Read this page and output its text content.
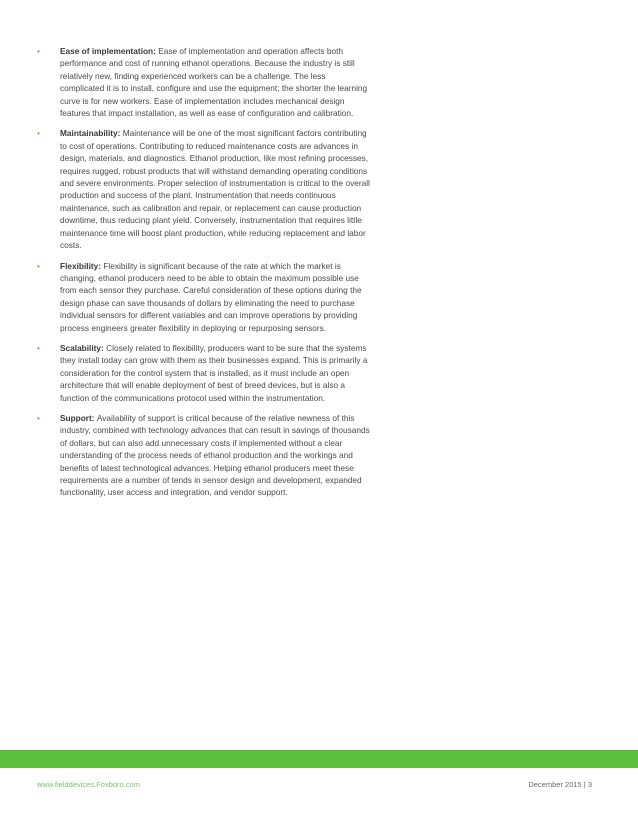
• Ease of implementation: Ease of implementation and operation affects both performance and cost of running ethanol operations. Because the industry is still relatively new, finding experienced workers can be a challenge. The less complicated it is to install, configure and use the equipment; the shorter the learning curve is for new workers. Ease of implementation includes mechanical design features that impact installation, as well as ease of configuration and calibration.
• Maintainability: Maintenance will be one of the most significant factors contributing to cost of operations. Contributing to reduced maintenance costs are advances in design, materials, and diagnostics. Ethanol production, like most refining processes, requires rugged, robust products that will withstand demanding operating conditions and severe environments. Proper selection of instrumentation is critical to the overall production and success of the plant. Instrumentation that needs continuous maintenance, such as calibration and repair, or replacement can cause production downtime, thus reducing plant yield. Conversely, instrumentation that requires little maintenance time will boost plant production, while reducing replacement and labor costs.
• Flexibility: Flexibility is significant because of the rate at which the market is changing, ethanol producers need to be able to obtain the maximum possible use from each sensor they purchase. Careful consideration of these options during the design phase can save thousands of dollars by eliminating the need to purchase individual sensors for different variables and can improve operations by providing process engineers greater flexibility in deploying or repurposing sensors.
• Scalability: Closely related to flexibility, producers want to be sure that the systems they install today can grow with them as their businesses expand. This is primarily a consideration for the control system that is installed, as it must include an open architecture that will enable deployment of best of breed devices, but is also a function of the communications protocol used within the instrumentation.
• Support: Availability of support is critical because of the relative newness of this industry, combined with technology advances that can result in savings of thousands of dollars, but can also add unnecessary costs if implemented without a clear understanding of the process needs of ethanol production and the workings and benefits of latest technological advances. Helping ethanol producers meet these requirements are a number of tends in sensor design and development, expanded functionality, user access and integration, and vendor support.
www.fielddevices.Foxboro.com	December 2015 | 3
